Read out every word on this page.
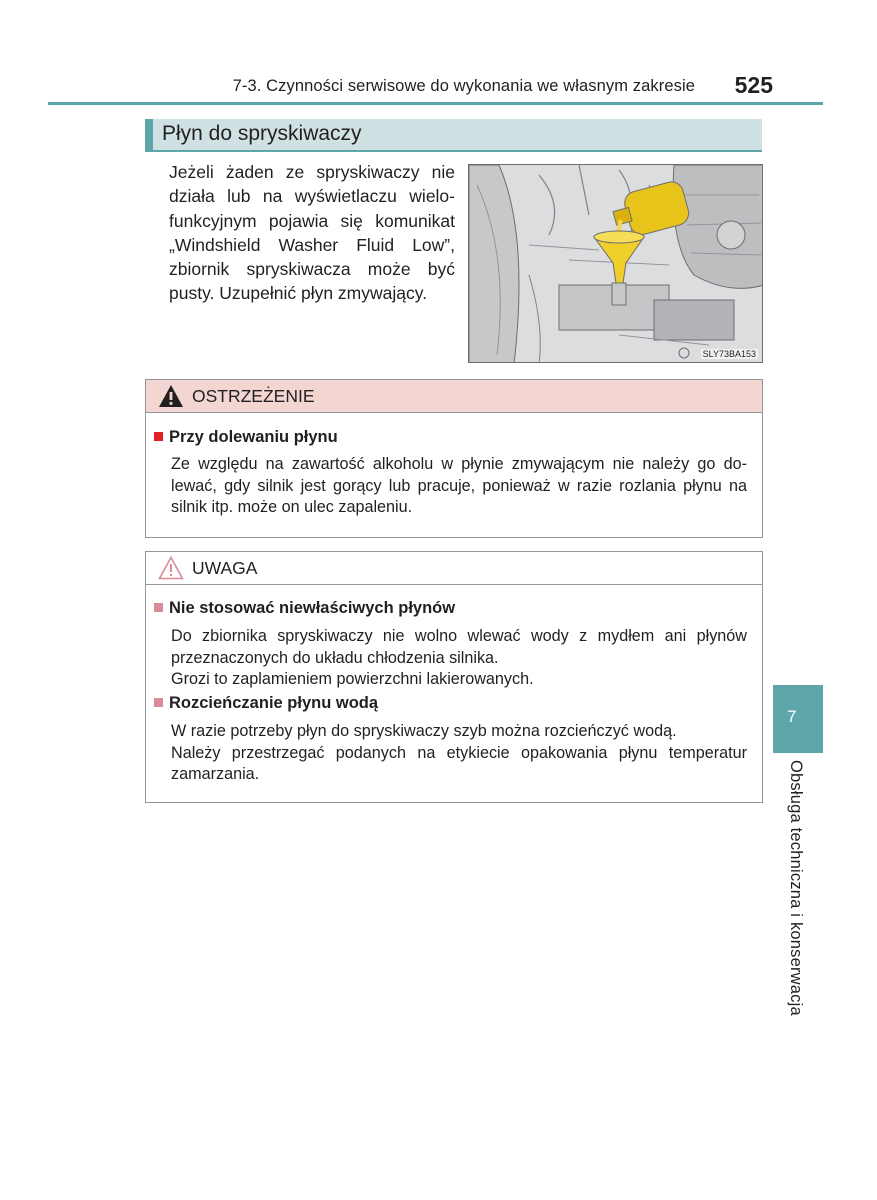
7-3. Czynności serwisowe do wykonania we własnym zakresie	525
Płyn do spryskiwaczy
Jeżeli żaden ze spryskiwaczy nie
działa lub na wyświetlaczu wielo-
funkcyjnym pojawia się komunikat
„Windshield Washer Fluid Low”,
zbiornik spryskiwacza może być
pusty. Uzupełnić płyn zmywający.
SLY73BA153
OSTRZEŻENIE
Przy dolewaniu płynu
Ze względu na zawartość alkoholu w płynie zmywającym nie należy go do-
lewać, gdy silnik jest gorący lub pracuje, ponieważ w razie rozlania płynu na
silnik itp. może on ulec zapaleniu.
UWAGA
Nie stosować niewłaściwych płynów
Do zbiornika spryskiwaczy nie wolno wlewać wody z mydłem ani płynów
przeznaczonych do układu chłodzenia silnika.
Grozi to zaplamieniem powierzchni lakierowanych.
Rozcieńczanie płynu wodą
W razie potrzeby płyn do spryskiwaczy szyb można rozcieńczyć wodą.
Należy przestrzegać podanych na etykiecie opakowania płynu temperatur
zamarzania.
7
Obsługa techniczna i konserwacja
